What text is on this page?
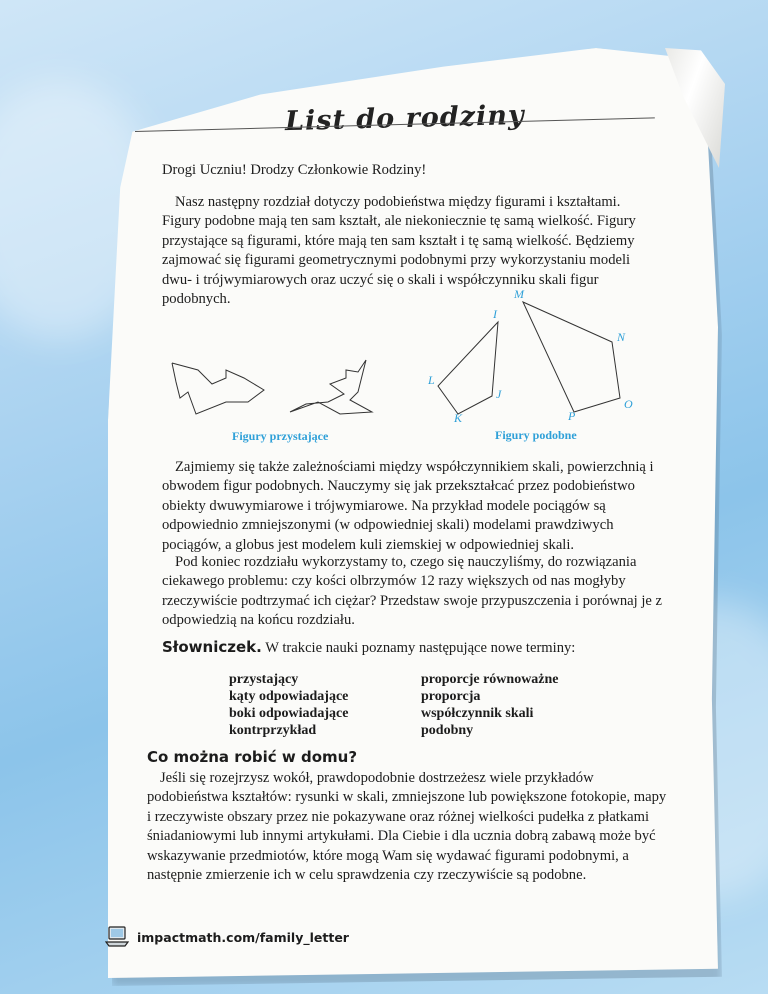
List do rodziny

Drogi Uczniu! Drodzy Członkowie Rodziny!

Nasz następny rozdział dotyczy podobieństwa między figurami i kształtami. Figury podobne mają ten sam kształt, ale niekoniecznie tę samą wielkość. Figury przystające są figurami, które mają ten sam kształt i tę samą wielkość. Będziemy zajmować się figurami geometrycznymi podobnymi przy wykorzystaniu modeli dwu- i trójwymiarowych oraz uczyć się o skali i współczynniku skali figur podobnych.

Figury przystające
M
I
N
L
J
O
K	P
Figury podobne

Zajmiemy się także zależnościami między współczynnikiem skali, powierzchnią i obwodem figur podobnych. Nauczymy się jak przekształcać przez podobieństwo obiekty dwuwymiarowe i trójwymiarowe. Na przykład modele pociągów są odpowiednio zmniejszonymi (w odpowiedniej skali) modelami prawdziwych pociągów, a globus jest modelem kuli ziemskiej w odpowiedniej skali.

Pod koniec rozdziału wykorzystamy to, czego się nauczyliśmy, do rozwiązania ciekawego problemu: czy kości olbrzymów 12 razy większych od nas mogłyby rzeczywiście podtrzymać ich ciężar? Przedstaw swoje przypuszczenia i porównaj je z odpowiedzią na końcu rozdziału.

Słowniczek. W trakcie nauki poznamy następujące nowe terminy:
przystający
kąty odpowiadające
boki odpowiadające
kontrprzykład
proporcje równoważne
proporcja
współczynnik skali
podobny
Co można robić w domu?

Jeśli się rozejrzysz wokół, prawdopodobnie dostrzeżesz wiele przykładów podobieństwa kształtów: rysunki w skali, zmniejszone lub powiększone fotokopie, mapy i rzeczywiste obszary przez nie pokazywane oraz różnej wielkości pudełka z płatkami śniadaniowymi lub innymi artykułami. Dla Ciebie i dla ucznia dobrą zabawą może być wskazywanie przedmiotów, które mogą Wam się wydawać figurami podobnymi, a następnie zmierzenie ich w celu sprawdzenia czy rzeczywiście są podobne.

impactmath.com/family_letter
